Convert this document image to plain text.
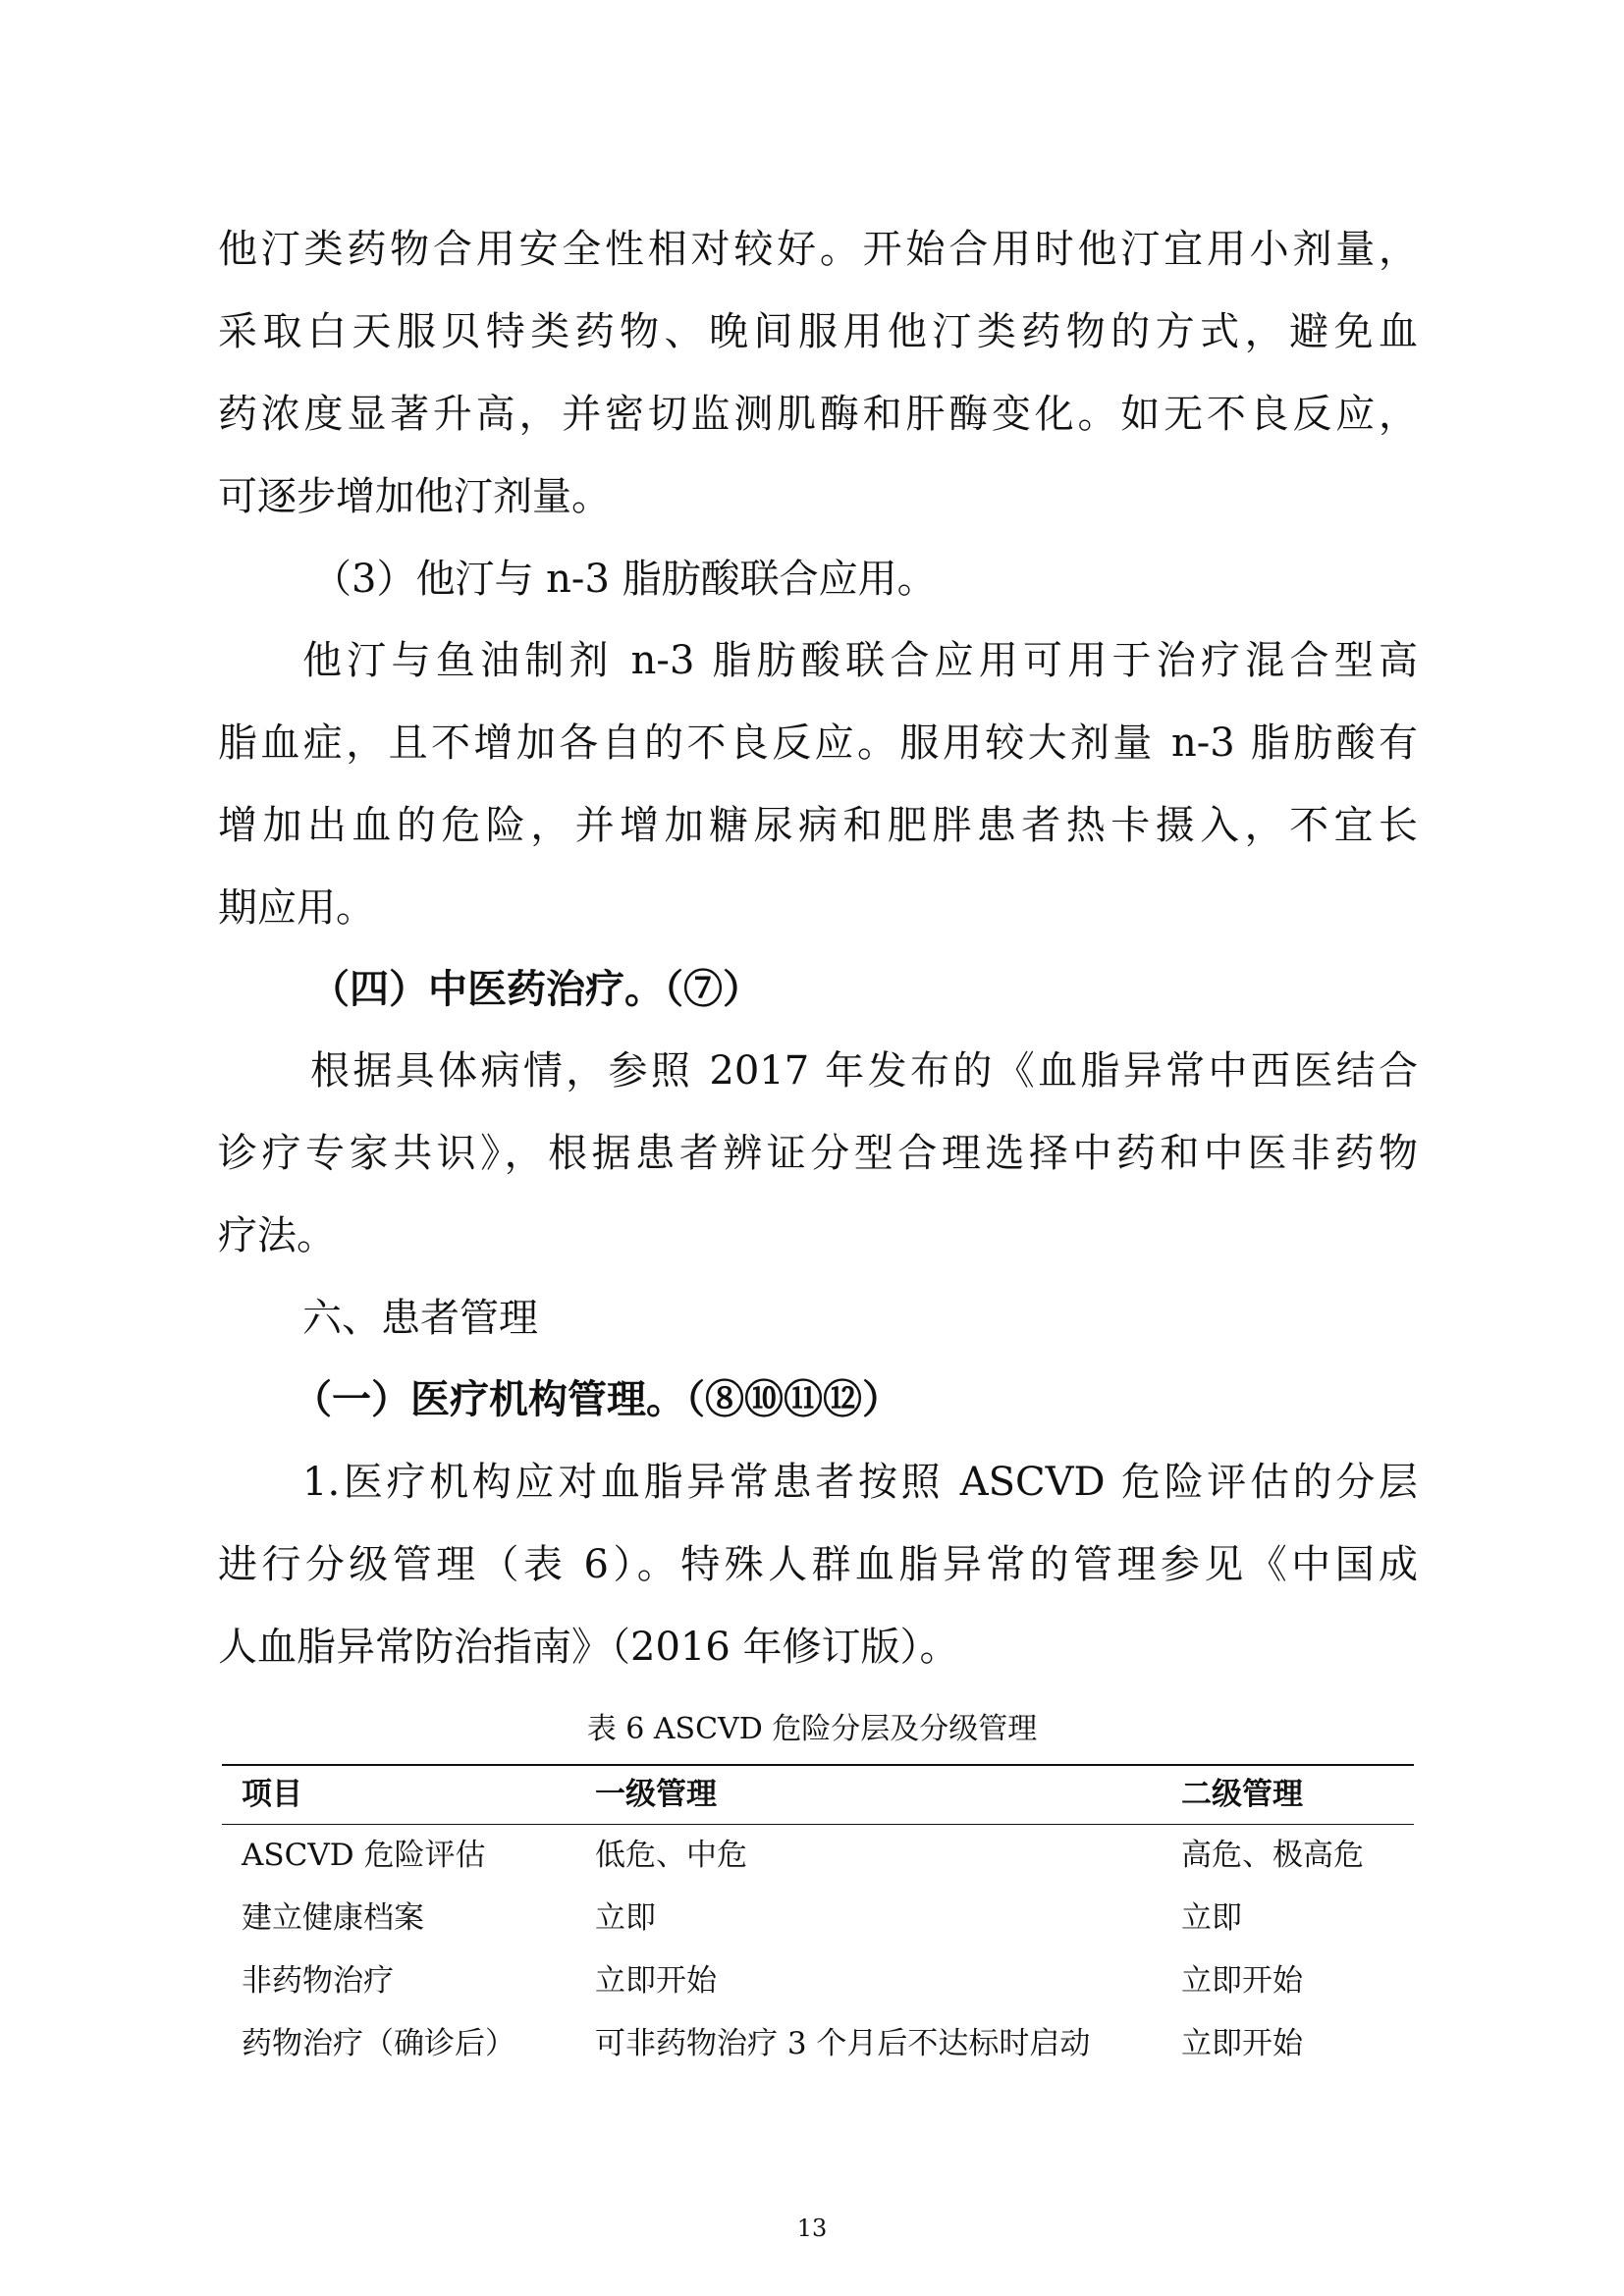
他汀类药物合用安全性相对较好。开始合用时他汀宜用小剂量，
采取白天服贝特类药物、晚间服用他汀类药物的方式，避免血
药浓度显著升高，并密切监测肌酶和肝酶变化。如无不良反应，
可逐步增加他汀剂量。
（3）他汀与 n-3 脂肪酸联合应用。
他汀与鱼油制剂 n-3 脂肪酸联合应用可用于治疗混合型高
脂血症，且不增加各自的不良反应。服用较大剂量 n-3 脂肪酸有
增加出血的危险，并增加糖尿病和肥胖患者热卡摄入，不宜长
期应用。
（四）中医药治疗。（⑦）
根据具体病情，参照 2017 年发布的《血脂异常中西医结合
诊疗专家共识》，根据患者辨证分型合理选择中药和中医非药物
疗法。
六、患者管理
（一）医疗机构管理。（⑧⑩⑪⑫）
1.医疗机构应对血脂异常患者按照 ASCVD 危险评估的分层
进行分级管理（表 6）。特殊人群血脂异常的管理参见《中国成
人血脂异常防治指南》（2016 年修订版）。
表 6 ASCVD 危险分层及分级管理
项目	一级管理	二级管理
ASCVD 危险评估	低危、中危	高危、极高危
建立健康档案	立即	立即
非药物治疗	立即开始	立即开始
药物治疗（确诊后）	可非药物治疗 3 个月后不达标时启动	立即开始
13
